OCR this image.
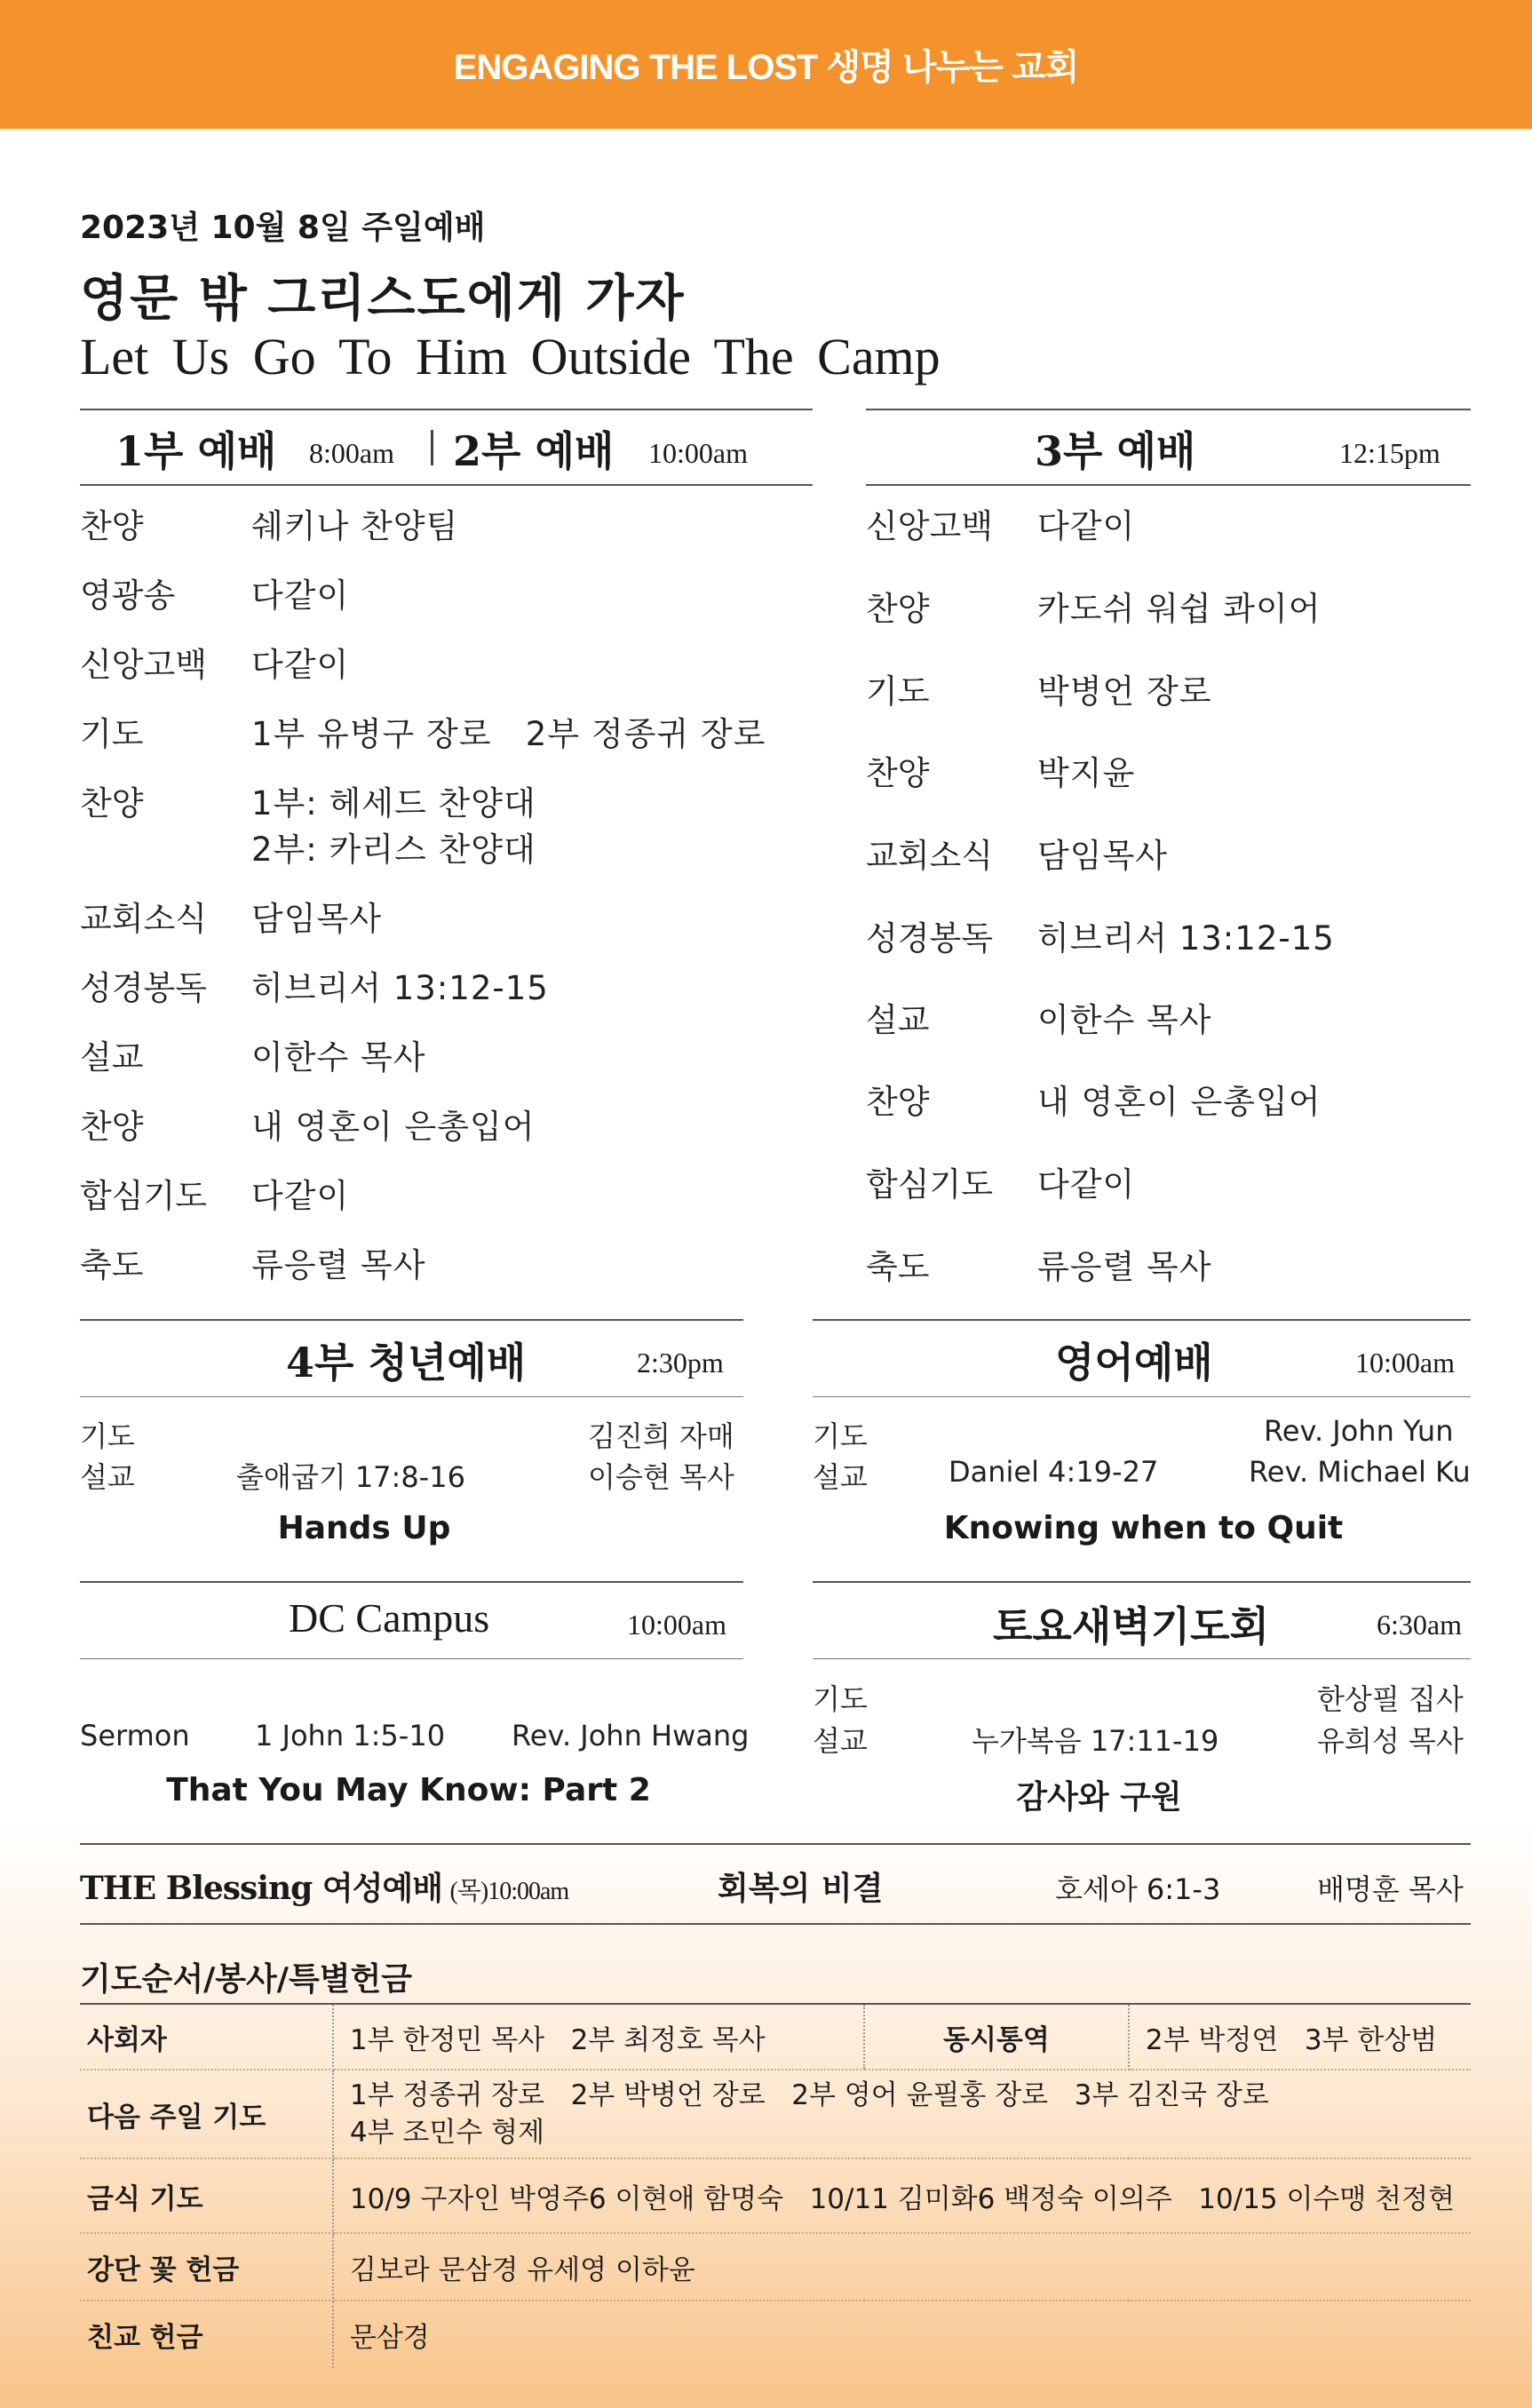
ENGAGING THE LOST 생명 나누는 교회
2023년 10월 8일 주일예배
영문 밖 그리스도에게 가자
Let Us Go To Him Outside The Camp
1부 예배 8:00am 2부 예배 10:00am	3부 예배	12:15pm
찬양	쉐키나 찬양팀
영광송 다같이
신앙고백 다같이
기도	1부 유병구 장로   2부 정종귀 장로
찬양	1부: 헤세드 찬양대
2부: 카리스 찬양대
교회소식 담임목사
성경봉독 히브리서 13:12-15
설교	이한수 목사
찬양	내 영혼이 은총입어
합심기도 다같이
축도	류응렬 목사
신앙고백 다같이
찬양	카도쉬 워쉽 콰이어
기도	박병언 장로
찬양	박지윤
교회소식 담임목사
성경봉독 히브리서 13:12-15
설교	이한수 목사
찬양	내 영혼이 은총입어
합심기도 다같이
축도	류응렬 목사
4부 청년예배	2:30pm
기도	김진희 자매
설교	출애굽기 17:8-16	이승현 목사
Hands Up
영어예배	10:00am
기도	Rev. John Yun
설교	Daniel 4:19-27	Rev. Michael Ku
Knowing when to Quit
DC Campus	10:00am
Sermon 1 John 1:5-10 Rev. John Hwang
That You May Know: Part 2
토요새벽기도회	6:30am
기도	한상필 집사
설교	누가복음 17:11-19	유희성 목사
감사와 구원
THE Blessing 여성예배 (목)10:00am	회복의 비결	호세아 6:1-3	배명훈 목사
기도순서/봉사/특별헌금
사회자	1부 한정민 목사   2부 최정호 목사	동시통역	2부 박정연   3부 한상범
다음 주일 기도	1부 정종귀 장로   2부 박병언 장로   2부 영어 윤필홍 장로   3부 김진국 장로
4부 조민수 형제		

금식 기도	10/9 구자인 박영주6 이현애 함명숙   10/11 김미화6 백정숙 이의주   10/15 이수맹 천정현		
강단 꽃 헌금	김보라 문삼경 유세영 이하윤		
친교 헌금	문삼경		
